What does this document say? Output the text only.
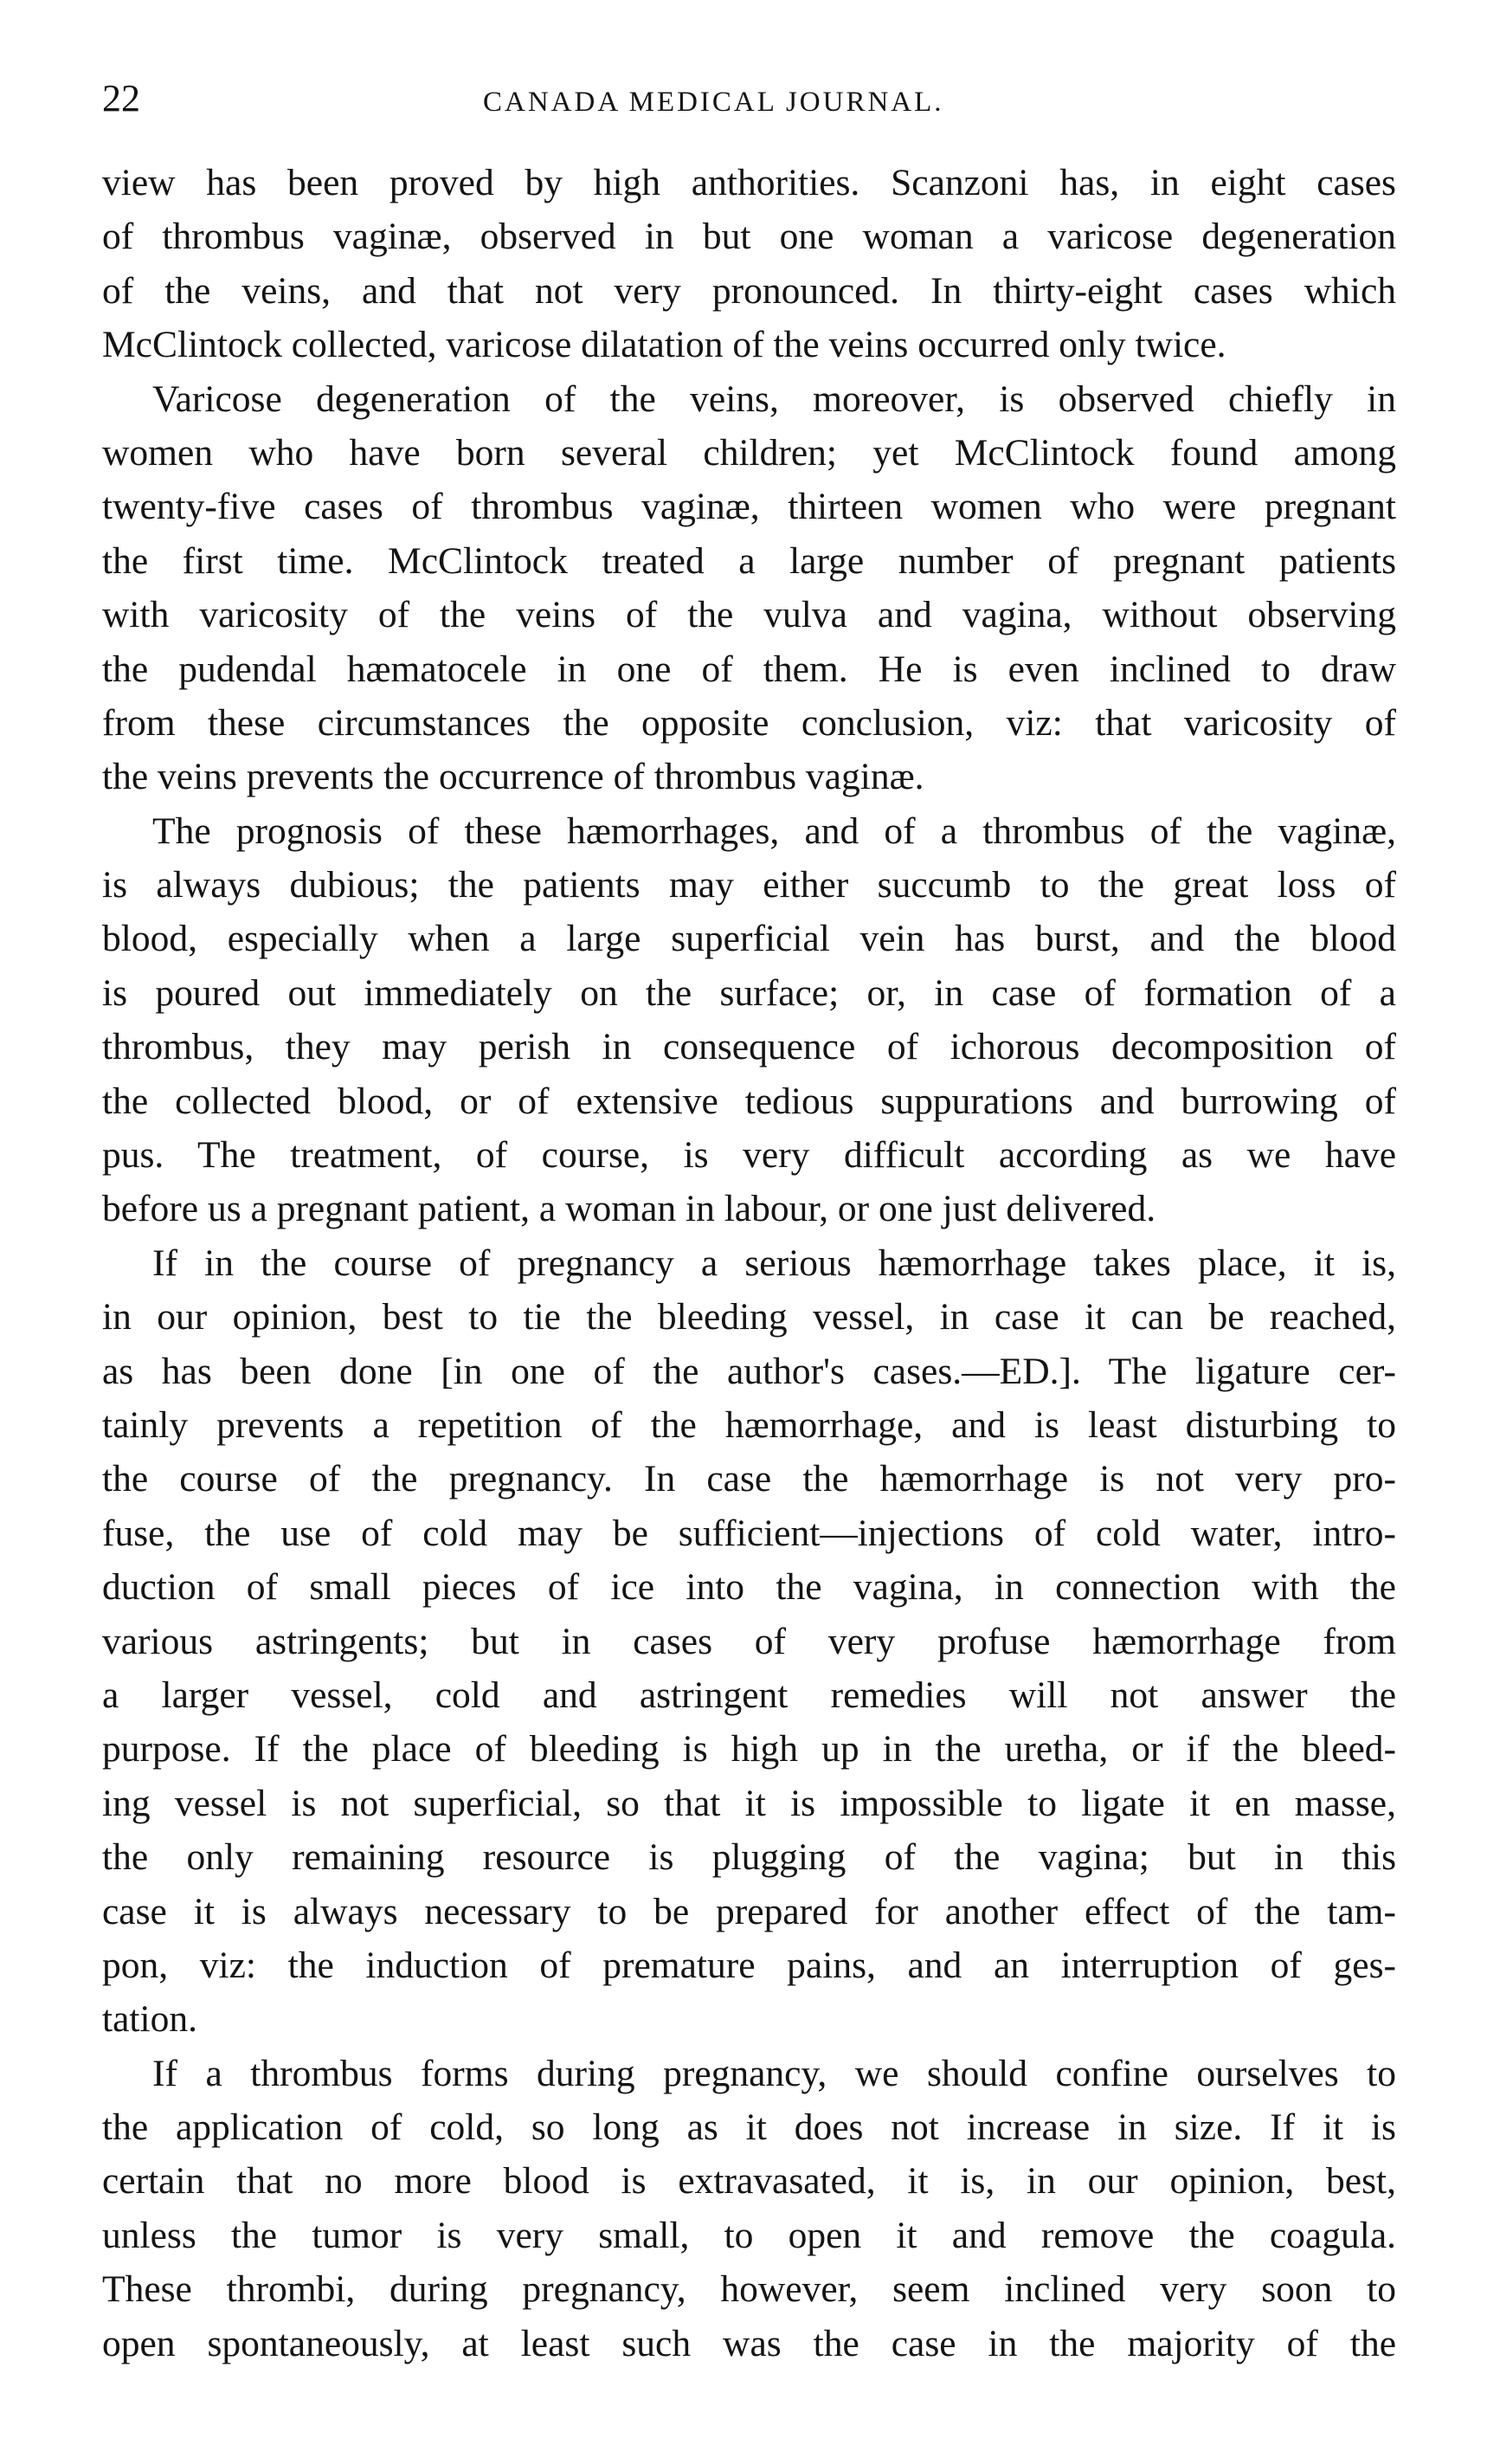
22	CANADA MEDICAL JOURNAL.
view has been proved by high anthorities. Scanzoni has, in eight cases
of thrombus vaginæ, observed in but one woman a varicose degeneration
of the veins, and that not very pronounced. In thirty-eight cases which
McClintock collected, varicose dilatation of the veins occurred only twice.
Varicose degeneration of the veins, moreover, is observed chiefly in
women who have born several children; yet McClintock found among
twenty-five cases of thrombus vaginæ, thirteen women who were pregnant
the first time. McClintock treated a large number of pregnant patients
with varicosity of the veins of the vulva and vagina, without observing
the pudendal hæmatocele in one of them. He is even inclined to draw
from these circumstances the opposite conclusion, viz: that varicosity of
the veins prevents the occurrence of thrombus vaginæ.
The prognosis of these hæmorrhages, and of a thrombus of the vaginæ,
is always dubious; the patients may either succumb to the great loss of
blood, especially when a large superficial vein has burst, and the blood
is poured out immediately on the surface; or, in case of formation of a
thrombus, they may perish in consequence of ichorous decomposition of
the collected blood, or of extensive tedious suppurations and burrowing of
pus. The treatment, of course, is very difficult according as we have
before us a pregnant patient, a woman in labour, or one just delivered.
If in the course of pregnancy a serious hæmorrhage takes place, it is,
in our opinion, best to tie the bleeding vessel, in case it can be reached,
as has been done [in one of the author's cases.—ED.]. The ligature cer-
tainly prevents a repetition of the hæmorrhage, and is least disturbing to
the course of the pregnancy. In case the hæmorrhage is not very pro-
fuse, the use of cold may be sufficient—injections of cold water, intro-
duction of small pieces of ice into the vagina, in connection with the
various astringents; but in cases of very profuse hæmorrhage from
a larger vessel, cold and astringent remedies will not answer the
purpose. If the place of bleeding is high up in the uretha, or if the bleed-
ing vessel is not superficial, so that it is impossible to ligate it en masse,
the only remaining resource is plugging of the vagina; but in this
case it is always necessary to be prepared for another effect of the tam-
pon, viz: the induction of premature pains, and an interruption of ges-
tation.
If a thrombus forms during pregnancy, we should confine ourselves to
the application of cold, so long as it does not increase in size. If it is
certain that no more blood is extravasated, it is, in our opinion, best,
unless the tumor is very small, to open it and remove the coagula.
These thrombi, during pregnancy, however, seem inclined very soon to
open spontaneously, at least such was the case in the majority of the
